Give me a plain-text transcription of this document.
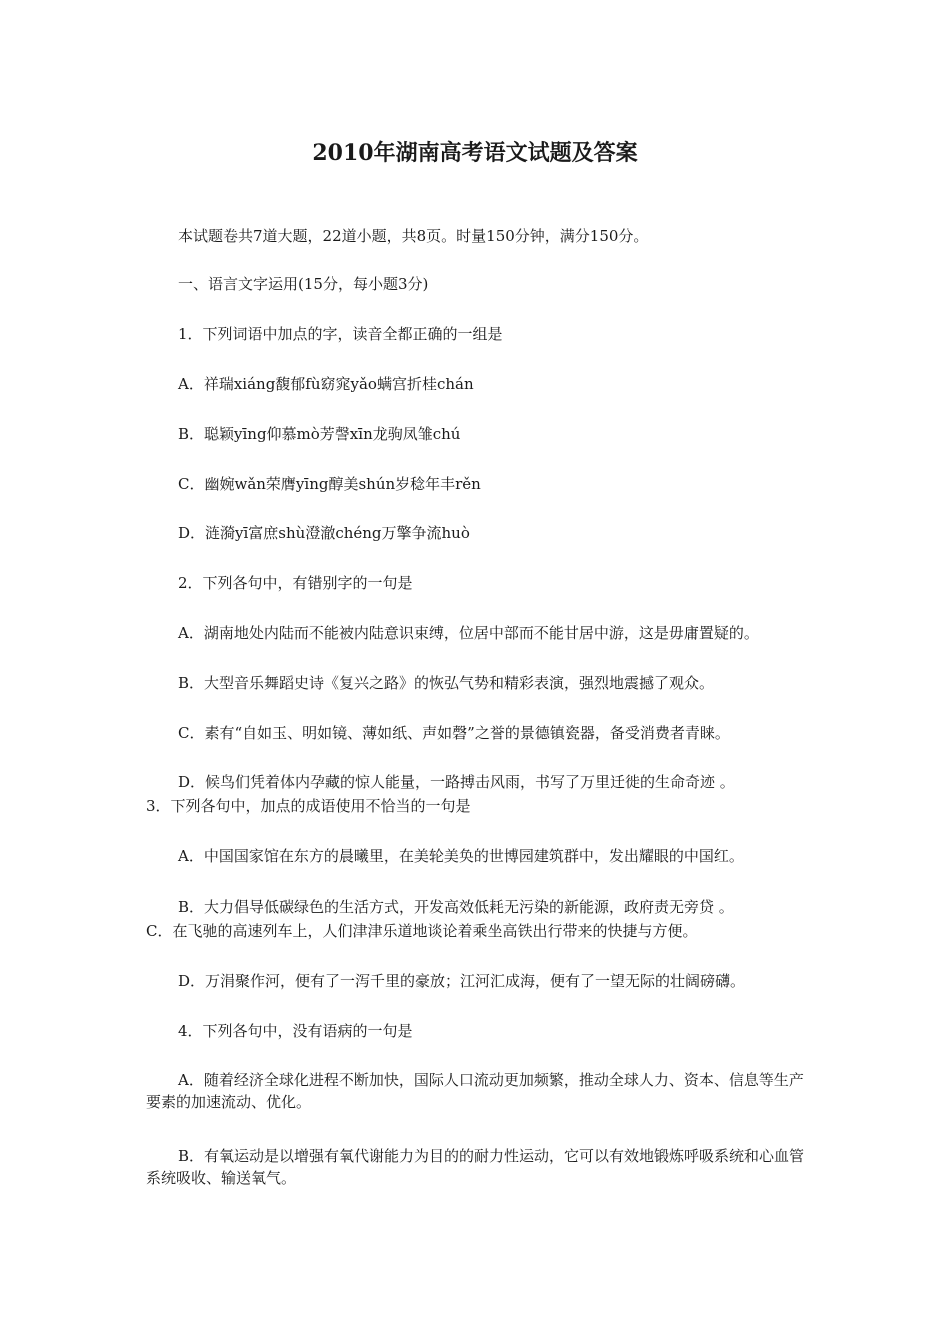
2010年湖南高考语文试题及答案
本试题卷共7道大题，22道小题，共8页。时量150分钟，满分150分。
一、语言文字运用(15分，每小题3分)
1．下列词语中加点的字，读音全都正确的一组是
A．祥瑞xiáng馥郁fù窈窕yǎo螨宫折桂chán
B．聪颖yīng仰慕mò芳謦xīn龙驹凤雏chú
C．幽婉wǎn荣膺yīng醇美shún岁稔年丰rěn
D．涟漪yī富庶shù澄澈chéng万擎争流huò
2．下列各句中，有错别字的一句是
A．湖南地处内陆而不能被内陆意识束缚，位居中部而不能甘居中游，这是毋庸置疑的。
B．大型音乐舞蹈史诗《复兴之路》的恢弘气势和精彩表演，强烈地震撼了观众。
C．素有“自如玉、明如镜、薄如纸、声如磬”之誉的景德镇瓷器，备受消费者青睐。
D．候鸟们凭着体内孕藏的惊人能量，一路搏击风雨，书写了万里迁徙的生命奇迹 。
3．下列各句中，加点的成语使用不恰当的一句是
A．中国国家馆在东方的晨曦里，在美轮美奂的世博园建筑群中，发出耀眼的中国红。
B．大力倡导低碳绿色的生活方式，开发高效低耗无污染的新能源，政府责无旁贷 。
C．在飞驰的高速列车上，人们津津乐道地谈论着乘坐高铁出行带来的快捷与方便。
D．万涓聚作河，便有了一泻千里的豪放；江河汇成海，便有了一望无际的壮阔磅礴。
4．下列各句中，没有语病的一句是
A．随着经济全球化进程不断加快，国际人口流动更加频繁，推动全球人力、资本、信息等生产要素的加速流动、优化。
B．有氧运动是以增强有氧代谢能力为目的的耐力性运动，它可以有效地锻炼呼吸系统和心血管系统吸收、输送氧气。
